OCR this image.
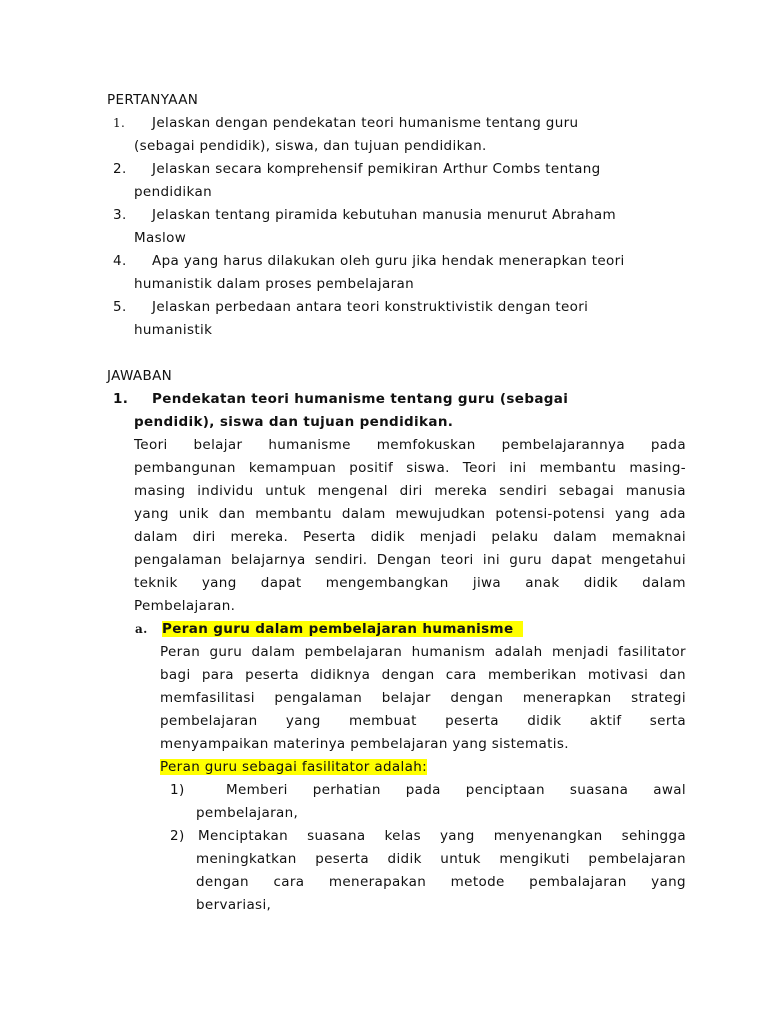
PERTANYAAN
1. Jelaskan dengan pendekatan teori humanisme tentang guru
(sebagai pendidik), siswa, dan tujuan pendidikan.
2. Jelaskan secara komprehensif pemikiran Arthur Combs tentang
pendidikan
3. Jelaskan tentang piramida kebutuhan manusia menurut Abraham
Maslow
4. Apa yang harus dilakukan oleh guru jika hendak menerapkan teori
humanistik dalam proses pembelajaran
5. Jelaskan perbedaan antara teori konstruktivistik dengan teori
humanistik
JAWABAN
1. Pendekatan teori humanisme tentang guru (sebagai
pendidik), siswa dan tujuan pendidikan.
Teori belajar humanisme memfokuskan pembelajarannya pada
pembangunan kemampuan positif siswa. Teori ini membantu masing-
masing individu untuk mengenal diri mereka sendiri sebagai manusia
yang unik dan membantu dalam mewujudkan potensi-potensi yang ada
dalam diri mereka. Peserta didik menjadi pelaku dalam memaknai
pengalaman belajarnya sendiri. Dengan teori ini guru dapat mengetahui
teknik yang dapat mengembangkan jiwa anak didik dalam
Pembelajaran.
a. Peran guru dalam pembelajaran humanisme
Peran guru dalam pembelajaran humanism adalah menjadi fasilitator
bagi para peserta didiknya dengan cara memberikan motivasi dan
memfasilitasi pengalaman belajar dengan menerapkan strategi
pembelajaran yang membuat peserta didik aktif serta
menyampaikan materinya pembelajaran yang sistematis.
Peran guru sebagai fasilitator adalah:
1)	Memberi perhatian pada penciptaan suasana awal
pembelajaran,
2) Menciptakan suasana kelas yang menyenangkan sehingga
meningkatkan peserta didik untuk mengikuti pembelajaran
dengan cara menerapakan metode pembalajaran yang
bervariasi,
